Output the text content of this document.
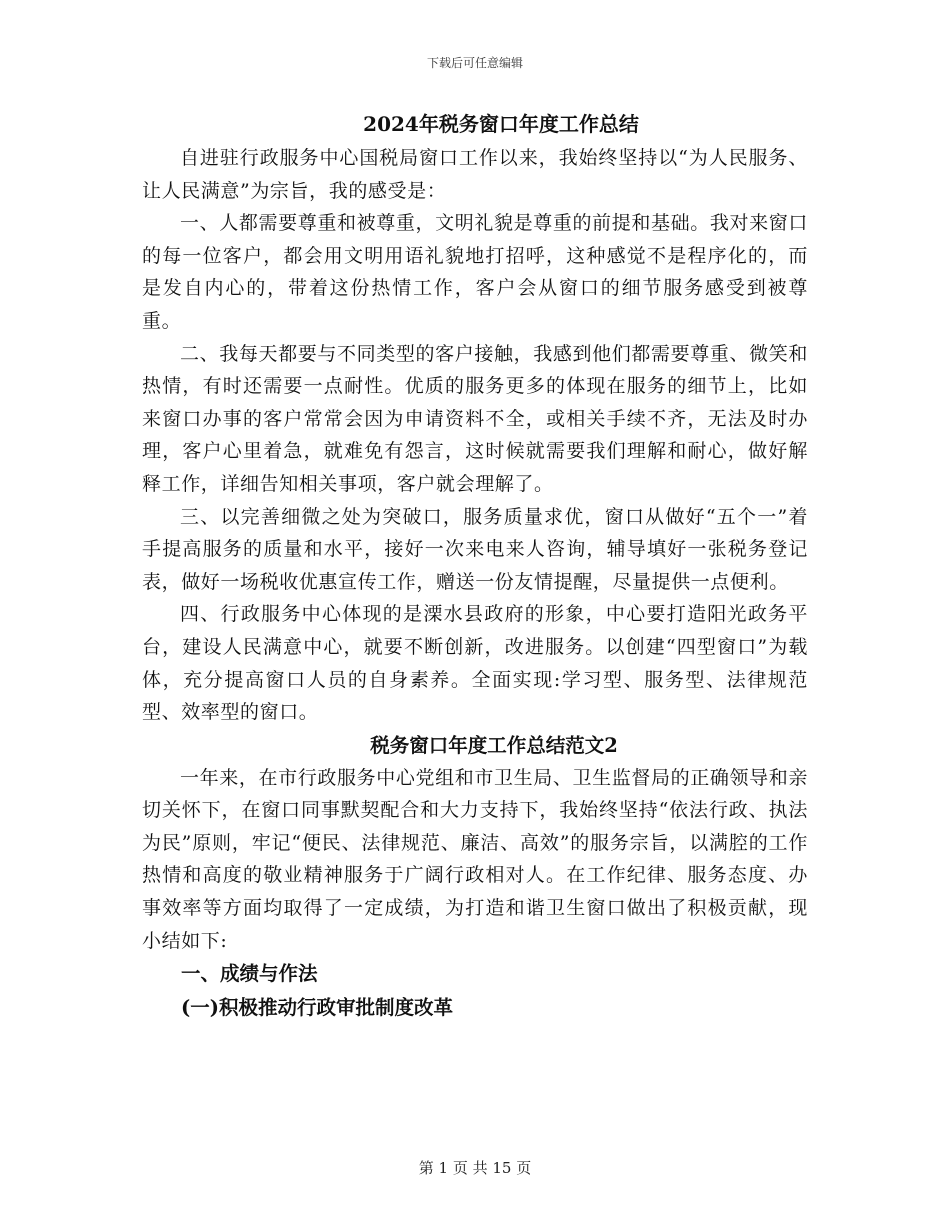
下载后可任意编辑
2024年税务窗口年度工作总结

自进驻行政服务中心国税局窗口工作以来，我始终坚持以“为人民服务、让人民满意”为宗旨，我的感受是：

一、人都需要尊重和被尊重，文明礼貌是尊重的前提和基础。我对来窗口的每一位客户，都会用文明用语礼貌地打招呼，这种感觉不是程序化的，而是发自内心的，带着这份热情工作，客户会从窗口的细节服务感受到被尊重。

二、我每天都要与不同类型的客户接触，我感到他们都需要尊重、微笑和热情，有时还需要一点耐性。优质的服务更多的体现在服务的细节上，比如来窗口办事的客户常常会因为申请资料不全，或相关手续不齐，无法及时办理，客户心里着急，就难免有怨言，这时候就需要我们理解和耐心，做好解释工作，详细告知相关事项，客户就会理解了。

三、以完善细微之处为突破口，服务质量求优，窗口从做好“五个一”着手提高服务的质量和水平，接好一次来电来人咨询，辅导填好一张税务登记表，做好一场税收优惠宣传工作，赠送一份友情提醒，尽量提供一点便利。

四、行政服务中心体现的是溧水县政府的形象，中心要打造阳光政务平台，建设人民满意中心，就要不断创新，改进服务。以创建“四型窗口”为载体，充分提高窗口人员的自身素养。全面实现:学习型、服务型、法律规范型、效率型的窗口。

税务窗口年度工作总结范文2

一年来，在市行政服务中心党组和市卫生局、卫生监督局的正确领导和亲切关怀下，在窗口同事默契配合和大力支持下，我始终坚持“依法行政、执法为民”原则，牢记“便民、法律规范、廉洁、高效”的服务宗旨，以满腔的工作热情和高度的敬业精神服务于广阔行政相对人。在工作纪律、服务态度、办事效率等方面均取得了一定成绩，为打造和谐卫生窗口做出了积极贡献，现小结如下:

一、成绩与作法

(一)积极推动行政审批制度改革

第 1 页 共 15 页
